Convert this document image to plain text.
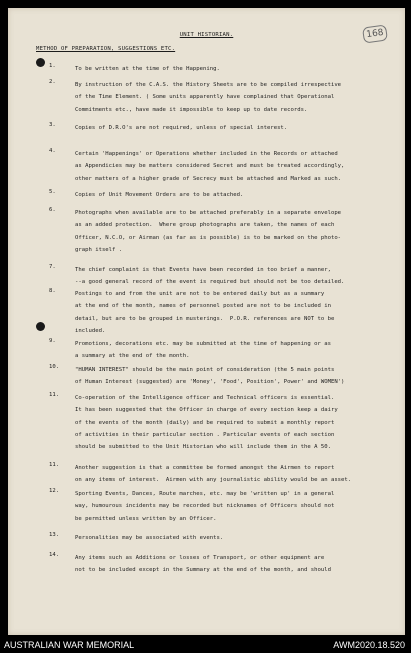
168
UNIT HISTORIAN.
METHOD OF PREPARATION, SUGGESTIONS ETC.
1.	To be written at the time of the Happening.
2.	By instruction of the C.A.S. the History Sheets are to be compiled irrespective
of the Time Element. ( Some units apparently have complained that Operational
Commitments etc., have made it impossible to keep up to date records.
3.	Copies of D.R.O's are not required, unless of special interest.
4.	Certain 'Happenings' or Operations whether included in the Records or attached
as Appendicies may be matters considered Secret and must be treated accordingly,
other matters of a higher grade of Secrecy must be attached and Marked as such.
5.	Copies of Unit Movement Orders are to be attached.
6.	Photographs when available are to be attached preferably in a separate envelope
as an added protection.  Where group photographs are taken, the names of each
Officer, N.C.O, or Airman (as far as is possible) is to be marked on the photo-
graph itself .
7.	The chief complaint is that Events have been recorded in too brief a manner,
--a good general record of the event is required but should not be too detailed.
8.	Postings to and from the unit are not to be entered daily but as a summary
at the end of the month, names of personnel posted are not to be included in
detail, but are to be grouped in musterings.  P.O.R. references are NOT to be
included.
9.	Promotions, decorations etc. may be submitted at the time of happening or as
a summary at the end of the month.
10.	"HUMAN INTEREST" should be the main point of consideration (the 5 main points
of Human Interest (suggested) are 'Money', 'Food', Position', Power' and WOMEN')
11.	Co-operation of the Intelligence officer and Technical officers is essential.
It has been suggested that the Officer in charge of every section keep a dairy
of the events of the month (daily) and be required to submit a monthly report
of activities in their particular section . Particular events of each section
should be submitted to the Unit Historian who will include them in the A 50.
11.	Another suggestion is that a committee be formed amongst the Airmen to report
on any items of interest.  Airmen with any journalistic ability would be an asset.
12.	Sporting Events, Dances, Route marches, etc. may be 'written up' in a general
way, humourous incidents may be recorded but nicknames of Officers should not
be permitted unless written by an Officer.
13.	Personalities may be associated with events.
14.	Any items such as Additions or losses of Transport, or other equipment are
not to be included except in the Summary at the end of the month, and should
AUSTRALIAN WAR MEMORIAL	AWM2020.18.520
